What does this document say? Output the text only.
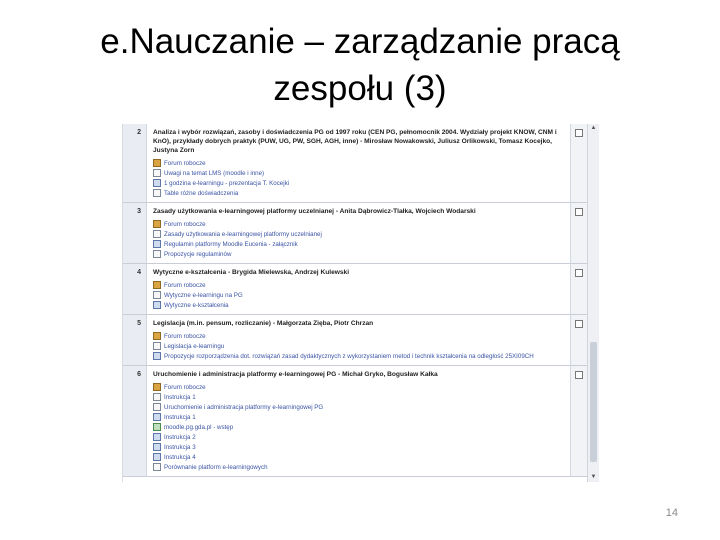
e.Nauczanie – zarządzanie pracą
zespołu (3)
2	Analiza i wybór rozwiązań, zasoby i doświadczenia PG od 1997 roku (CEN PG, pełnomocnik 2004. Wydziały projekt KNOW, CNM i KnO), przykłady dobrych praktyk (PUW, UG, PW, SGH, AGH, inne) - Mirosław Nowakowski, Juliusz Orlikowski, Tomasz Kocejko, Justyna Zorn
Forum robocze
Uwagi na temat LMS (moodle i inne)
1 godzina e-learningu - prezentacja T. Kocejki
Table różne doświadczenia
3	Zasady użytkowania e-learningowej platformy uczelnianej - Anita Dąbrowicz-Tlałka, Wojciech Wodarski
Forum robocze
Zasady użytkowania e-learningowej platformy uczelnianej
Regulamin platformy Moodle Eucenia - załącznik
Propozycje regulaminów
4	Wytyczne e-kształcenia - Brygida Mielewska, Andrzej Kulewski
Forum robocze
Wytyczne e-learningu na PG
Wytyczne e-kształcenia
5	Legislacja (m.in. pensum, rozliczanie) - Małgorzata Zięba, Piotr Chrzan
Forum robocze
Legislacja e-learningu
Propozycje rozporządzenia dot. rozwiązań zasad dydaktycznych z wykorzystaniem metod i technik kształcenia na odległość 25XI09CH
6	Uruchomienie i administracja platformy e-learningowej PG - Michał Gryko, Bogusław Kałka
Forum robocze
Instrukcja 1
Uruchomienie i administracja platformy e-learningowej PG
Instrukcja 1
moodle.pg.gda.pl - wstęp
Instrukcja 2
Instrukcja 3
Instrukcja 4
Porównanie platform e-learningowych
▲
▼
14
